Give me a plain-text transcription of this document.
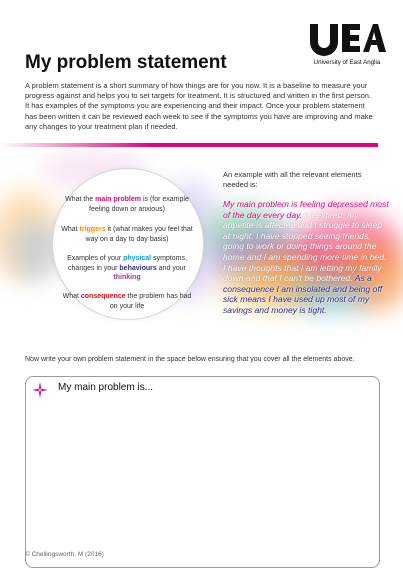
My problem statement	University of East Anglia
A problem statement is a short summary of how things are for you now. It is a baseline to measure your progress against and helps you to set targets for treatment. It is structured and written in the first person. It has examples of the symptoms you are experiencing and their impact. Once your problem statement has been written it can be reviewed each week to see if the symptoms you have are improving and make any changes to your treatment plan if needed.
What the main problem is (for example feeling down or anxious)
What triggers it (what makes you feel that way on a day to day basis)
Examples of your physical symptoms, changes in your behaviours and your thinking
What consequence the problem has had on your life
An example with all the relevant elements needed is:
My main problem is feeling depressed most of the day every day. I feel tired, my appetite is affected and I struggle to sleep at night. I have stopped seeing friends, going to work or doing things around the home and I am spending more time in bed. I have thoughts that I am letting my family down and that I can't be bothered. As a consequence I am insolated and being off sick means I have used up most of my savings and money is tight.
Now write your own problem statement in the space below ensuring that you cover all the elements above.
My main problem is...
© Chellingsworth, M (2016)
